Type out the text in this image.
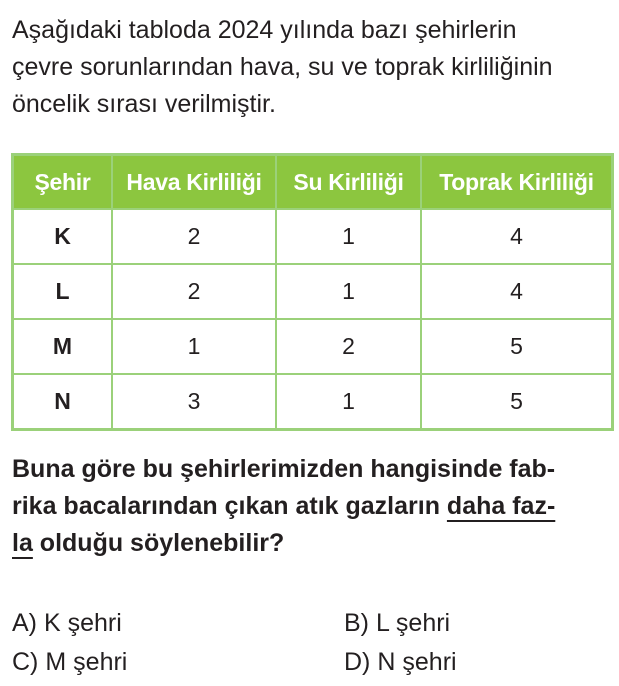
Aşağıdaki tabloda 2024 yılında bazı şehirlerin
çevre sorunlarından hava, su ve toprak kirliliğinin
öncelik sırası verilmiştir.

Şehir	Hava Kirliliği	Su Kirliliği	Toprak Kirliliği
K	2	1	4
L	2	1	4
M	1	2	5
N	3	1	5

Buna göre bu şehirlerimizden hangisinde fab-
rika bacalarından çıkan atık gazların daha faz-
la olduğu söylenebilir?

A) K şehri	B) L şehri
C) M şehri	D) N şehri
